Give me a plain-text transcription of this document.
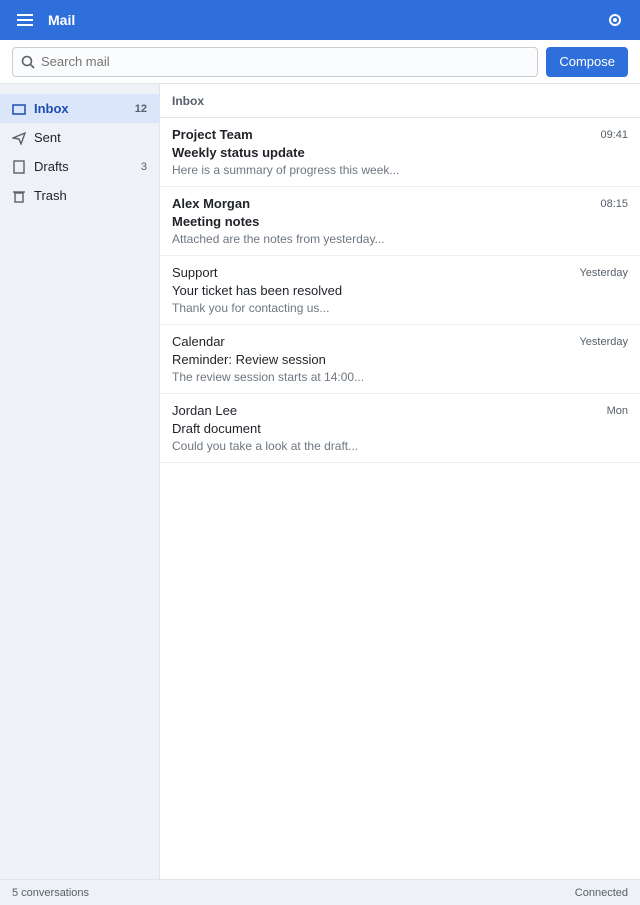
Mail
Search mail
Compose
Inbox	12
Sent
Drafts	3
Trash
Inbox
Project Team	09:41
Weekly status update
Here is a summary of progress this week...
Alex Morgan	08:15
Meeting notes
Attached are the notes from yesterday...
Support	Yesterday
Your ticket has been resolved
Thank you for contacting us...
Calendar	Yesterday
Reminder: Review session
The review session starts at 14:00...
Jordan Lee	Mon
Draft document
Could you take a look at the draft...
5 conversations	Connected
